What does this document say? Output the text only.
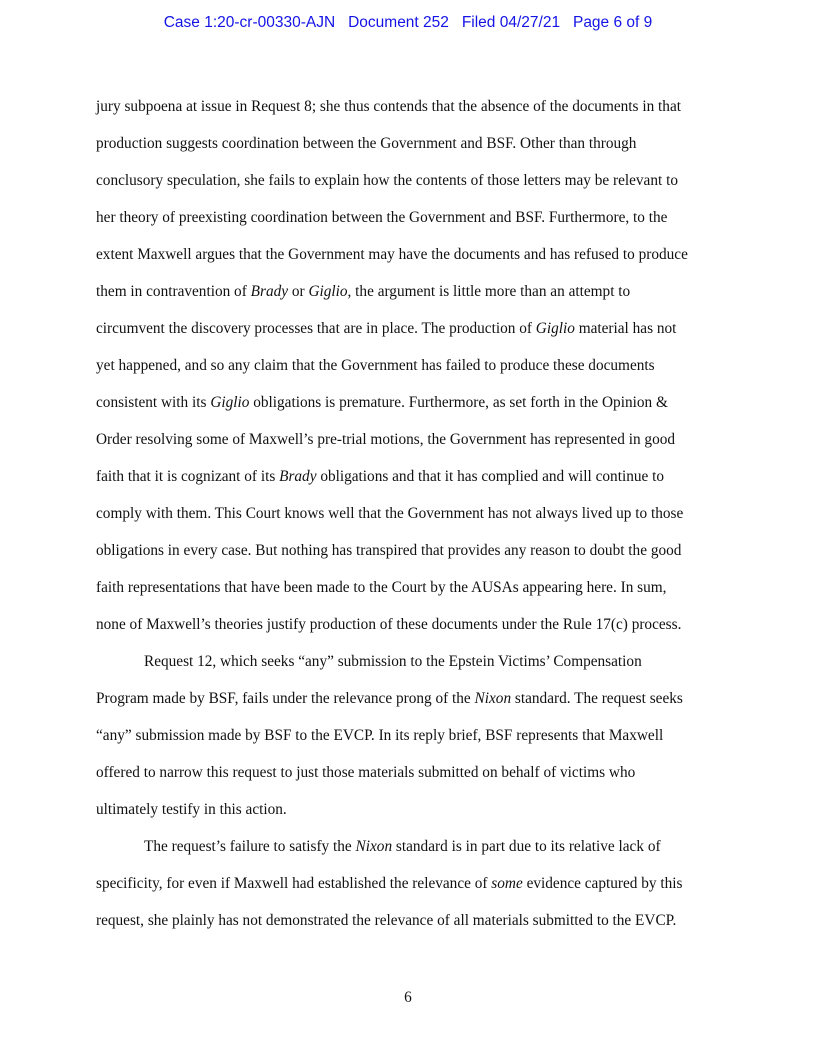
Case 1:20-cr-00330-AJN   Document 252   Filed 04/27/21   Page 6 of 9
jury subpoena at issue in Request 8; she thus contends that the absence of the documents in that
production suggests coordination between the Government and BSF. Other than through
conclusory speculation, she fails to explain how the contents of those letters may be relevant to
her theory of preexisting coordination between the Government and BSF. Furthermore, to the
extent Maxwell argues that the Government may have the documents and has refused to produce
them in contravention of Brady or Giglio, the argument is little more than an attempt to
circumvent the discovery processes that are in place. The production of Giglio material has not
yet happened, and so any claim that the Government has failed to produce these documents
consistent with its Giglio obligations is premature. Furthermore, as set forth in the Opinion &
Order resolving some of Maxwell’s pre-trial motions, the Government has represented in good
faith that it is cognizant of its Brady obligations and that it has complied and will continue to
comply with them. This Court knows well that the Government has not always lived up to those
obligations in every case. But nothing has transpired that provides any reason to doubt the good
faith representations that have been made to the Court by the AUSAs appearing here. In sum,
none of Maxwell’s theories justify production of these documents under the Rule 17(c) process.
Request 12, which seeks “any” submission to the Epstein Victims’ Compensation
Program made by BSF, fails under the relevance prong of the Nixon standard. The request seeks
“any” submission made by BSF to the EVCP. In its reply brief, BSF represents that Maxwell
offered to narrow this request to just those materials submitted on behalf of victims who
ultimately testify in this action.
The request’s failure to satisfy the Nixon standard is in part due to its relative lack of
specificity, for even if Maxwell had established the relevance of some evidence captured by this
request, she plainly has not demonstrated the relevance of all materials submitted to the EVCP.
6
